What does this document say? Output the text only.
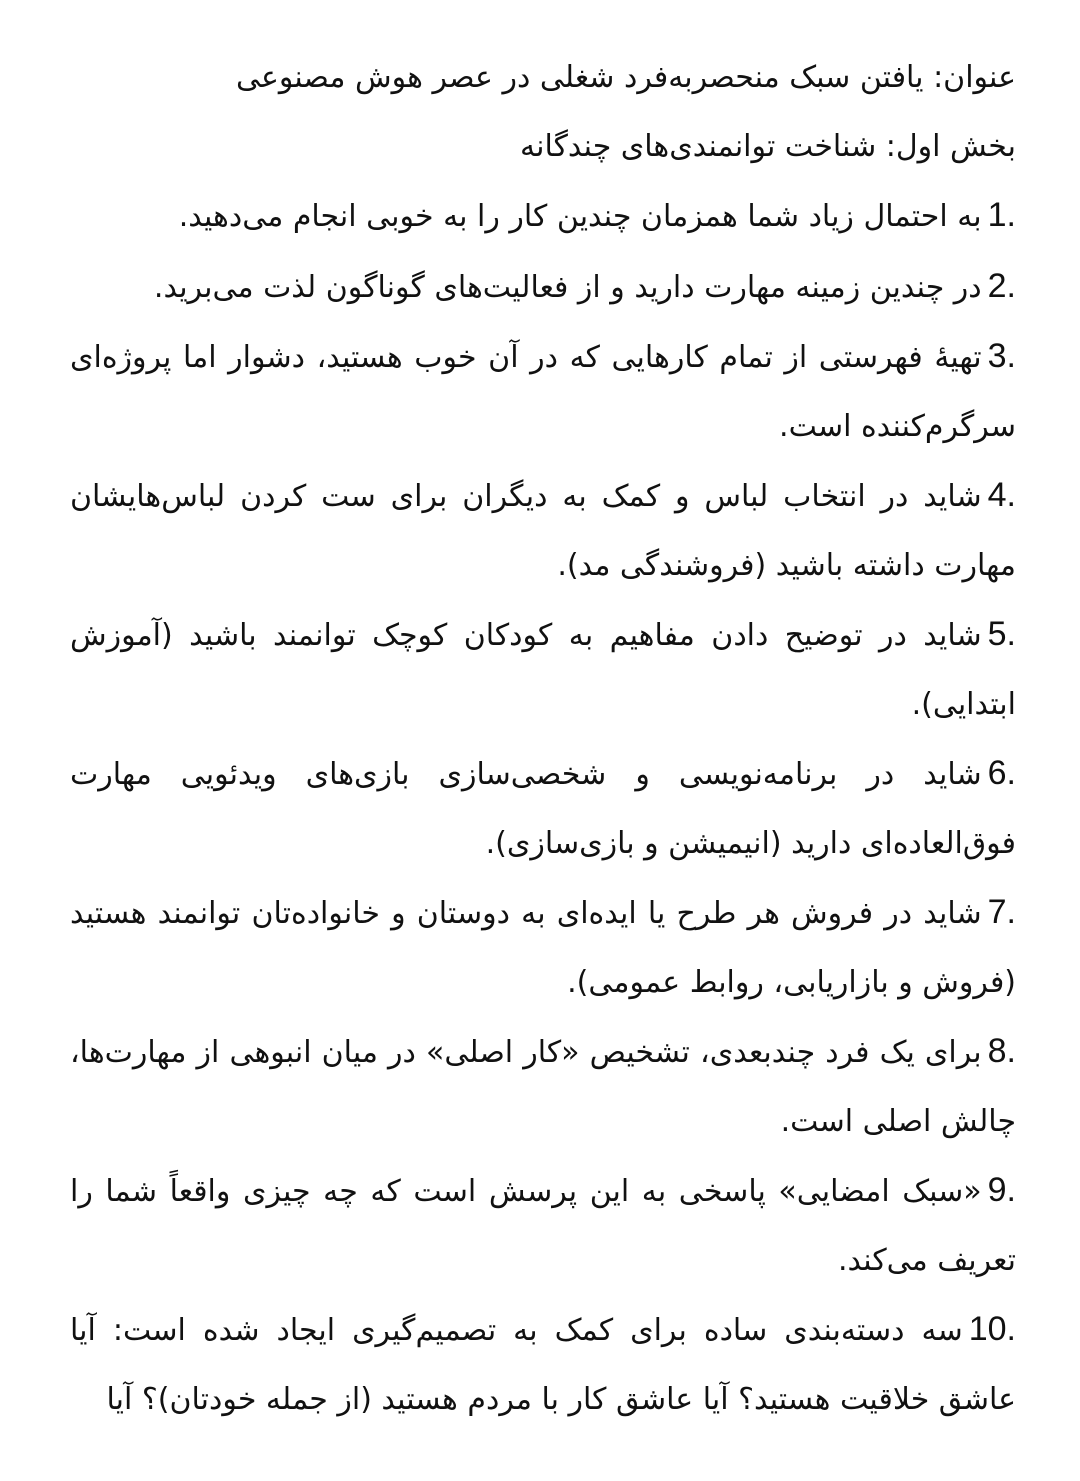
عنوان: یافتن سبک منحصربه‌فرد شغلی در عصر هوش مصنوعی

بخش اول: شناخت توانمندی‌های چندگانه

1.به احتمال زیاد شما همزمان چندین کار را به خوبی انجام می‌دهید.

2.در چندین زمینه مهارت دارید و از فعالیت‌های گوناگون لذت می‌برید.

3.تهیهٔ فهرستی از تمام کارهایی که در آن خوب هستید، دشوار اما پروژه‌ای سرگرم‌کننده است.

4.شاید در انتخاب لباس و کمک به دیگران برای ست کردن لباس‌هایشان مهارت داشته باشید (فروشندگی مد).

5.شاید در توضیح دادن مفاهیم به کودکان کوچک توانمند باشید (آموزش ابتدایی).

6.شاید در برنامه‌نویسی و شخصی‌سازی بازی‌های ویدئویی مهارت فوق‌العاده‌ای دارید (انیمیشن و بازی‌سازی).

7.شاید در فروش هر طرح یا ایده‌ای به دوستان و خانواده‌تان توانمند هستید (فروش و بازاریابی، روابط عمومی).

8.برای یک فرد چندبعدی، تشخیص «کار اصلی» در میان انبوهی از مهارت‌ها، چالش اصلی است.

9.«سبک امضایی» پاسخی به این پرسش است که چه چیزی واقعاً شما را تعریف می‌کند.

10.سه دسته‌بندی ساده برای کمک به تصمیم‌گیری ایجاد شده است: آیا عاشق خلاقیت هستید؟ آیا عاشق کار با مردم هستید (از جمله خودتان)؟ آیا
